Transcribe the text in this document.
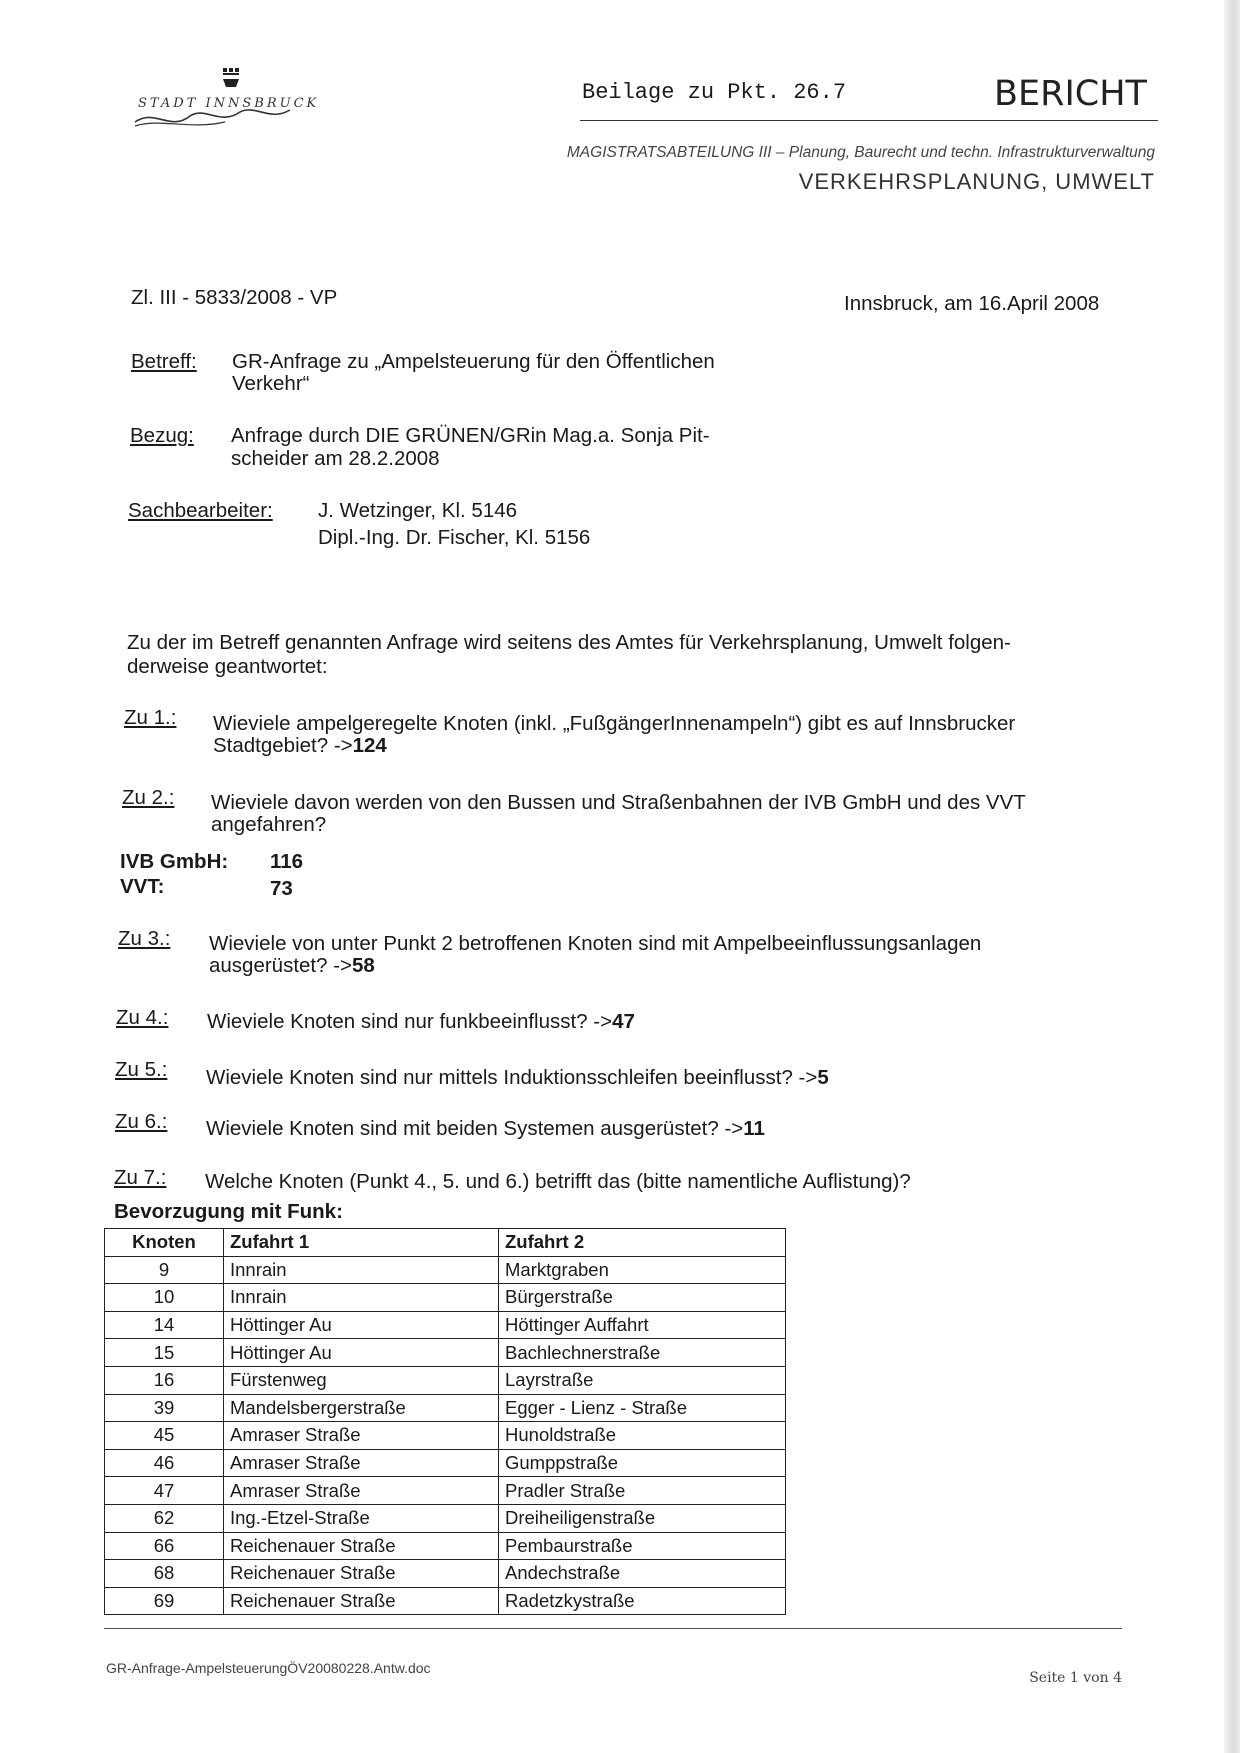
STADT INNSBRUCK	Beilage zu Pkt. 26.7	BERICHT
MAGISTRATSABTEILUNG III – Planung, Baurecht und techn. Infrastrukturverwaltung
VERKEHRSPLANUNG, UMWELT
Zl. III - 5833/2008 - VP	Innsbruck, am 16.April 2008
Betreff: GR-Anfrage zu „Ampelsteuerung für den Öffentlichen
Verkehr“
Bezug: Anfrage durch DIE GRÜNEN/GRin Mag.a. Sonja Pit-
scheider am 28.2.2008
Sachbearbeiter: J. Wetzinger, Kl. 5146
Dipl.-Ing. Dr. Fischer, Kl. 5156
Zu der im Betreff genannten Anfrage wird seitens des Amtes für Verkehrsplanung, Umwelt folgen-
derweise geantwortet:
Zu 1.: Wieviele ampelgeregelte Knoten (inkl. „FußgängerInnenampeln“) gibt es auf Innsbrucker
Stadtgebiet? ->124
Zu 2.: Wieviele davon werden von den Bussen und Straßenbahnen der IVB GmbH und des VVT
angefahren?
IVB GmbH: 116
VVT:	73
Zu 3.: Wieviele von unter Punkt 2 betroffenen Knoten sind mit Ampelbeeinflussungsanlagen
ausgerüstet? ->58
Zu 4.: Wieviele Knoten sind nur funkbeeinflusst? ->47
Zu 5.: Wieviele Knoten sind nur mittels Induktionsschleifen beeinflusst? ->5
Zu 6.: Wieviele Knoten sind mit beiden Systemen ausgerüstet? ->11
Zu 7.: Welche Knoten (Punkt 4., 5. und 6.) betrifft das (bitte namentliche Auflistung)?
Bevorzugung mit Funk:
Knoten	Zufahrt 1	Zufahrt 2
9	Innrain	Marktgraben
10	Innrain	Bürgerstraße
14	Höttinger Au	Höttinger Auffahrt
15	Höttinger Au	Bachlechnerstraße
16	Fürstenweg	Layrstraße
39	Mandelsbergerstraße	Egger - Lienz - Straße
45	Amraser Straße	Hunoldstraße
46	Amraser Straße	Gumppstraße
47	Amraser Straße	Pradler Straße
62	Ing.-Etzel-Straße	Dreiheiligenstraße
66	Reichenauer Straße	Pembaurstraße
68	Reichenauer Straße	Andechstraße
69	Reichenauer Straße	Radetzkystraße
GR-Anfrage-AmpelsteuerungÖV20080228.Antw.doc
Seite 1 von 4
